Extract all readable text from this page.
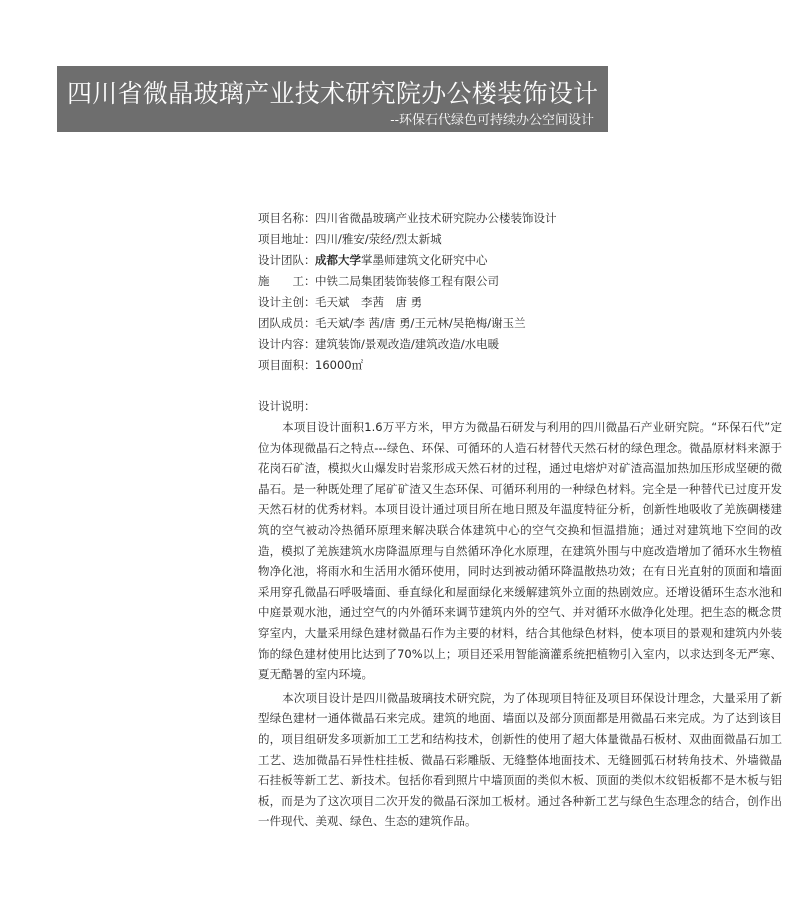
四川省微晶玻璃产业技术研究院办公楼装饰设计
--环保石代绿色可持续办公空间设计
项目名称：四川省微晶玻璃产业技术研究院办公楼装饰设计
项目地址：四川/雅安/荥经/烈太新城
设计团队：成都大学掌墨师建筑文化研究中心
施　　工：中铁二局集团装饰装修工程有限公司
设计主创：毛天斌　李茜　唐 勇
团队成员：毛天斌/李 茜/唐 勇/王元林/吴艳梅/谢玉兰
设计内容：建筑装饰/景观改造/建筑改造/水电暖
项目面积：16000㎡
设计说明：

本项目设计面积1.6万平方米，甲方为微晶石研发与利用的四川微晶石产业研究院。“环保石代”定位为体现微晶石之特点---绿色、环保、可循环的人造石材替代天然石材的绿色理念。微晶原材料来源于花岗石矿渣，模拟火山爆发时岩浆形成天然石材的过程，通过电熔炉对矿渣高温加热加压形成坚硬的微晶石。是一种既处理了尾矿矿渣又生态环保、可循环利用的一种绿色材料。完全是一种替代已过度开发天然石材的优秀材料。本项目设计通过项目所在地日照及年温度特征分析，创新性地吸收了羌族碉楼建筑的空气被动冷热循环原理来解决联合体建筑中心的空气交换和恒温措施；通过对建筑地下空间的改造，模拟了羌族建筑水房降温原理与自然循环净化水原理，在建筑外围与中庭改造增加了循环水生物植物净化池，将雨水和生活用水循环使用，同时达到被动循环降温散热功效；在有日光直射的顶面和墙面采用穿孔微晶石呼吸墙面、垂直绿化和屋面绿化来缓解建筑外立面的热剧效应。还增设循环生态水池和中庭景观水池，通过空气的内外循环来调节建筑内外的空气、并对循环水做净化处理。把生态的概念贯穿室内，大量采用绿色建材微晶石作为主要的材料，结合其他绿色材料，使本项目的景观和建筑内外装饰的绿色建材使用比达到了70%以上；项目还采用智能滴灌系统把植物引入室内，以求达到冬无严寒、夏无酷暑的室内环境。

本次项目设计是四川微晶玻璃技术研究院，为了体现项目特征及项目环保设计理念，大量采用了新型绿色建材一通体微晶石来完成。建筑的地面、墙面以及部分顶面都是用微晶石来完成。为了达到该目的，项目组研发多项新加工工艺和结构技术，创新性的使用了超大体量微晶石板材、双曲面微晶石加工工艺、迭加微晶石异性柱挂板、微晶石彩雕版、无缝整体地面技术、无缝圆弧石材转角技术、外墙微晶石挂板等新工艺、新技术。包括你看到照片中墙顶面的类似木板、顶面的类似木纹铝板都不是木板与铝板，而是为了这次项目二次开发的微晶石深加工板材。通过各种新工艺与绿色生态理念的结合，创作出一件现代、美观、绿色、生态的建筑作品。
